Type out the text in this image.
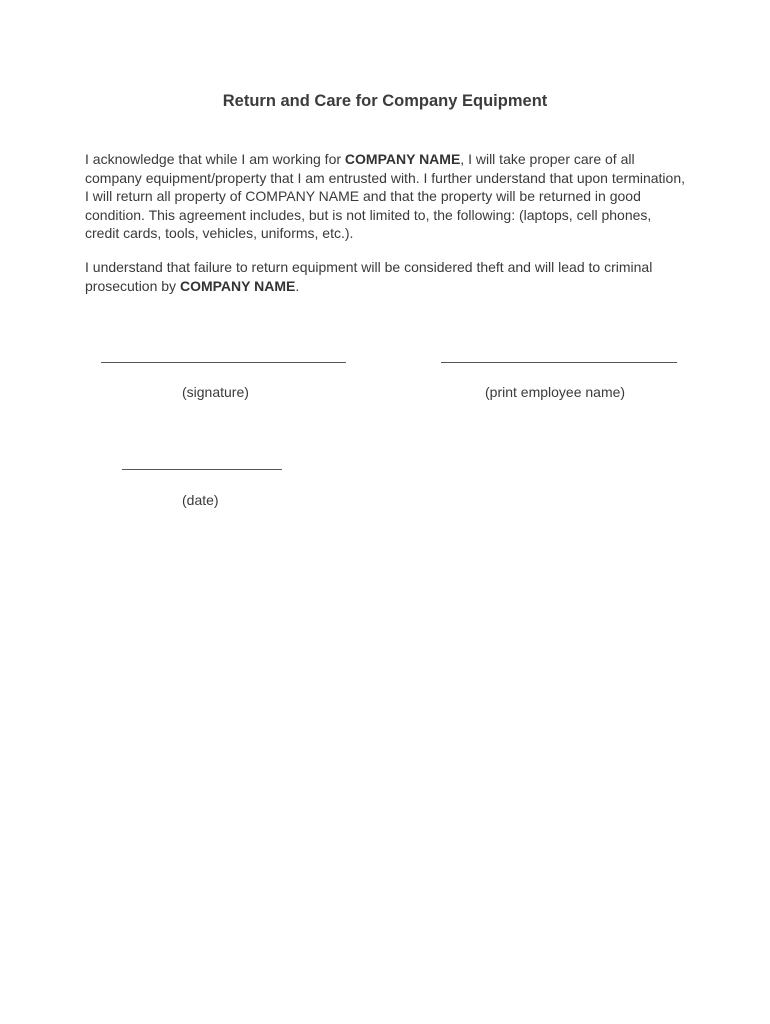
Return and Care for Company Equipment

I acknowledge that while I am working for COMPANY NAME, I will take proper care of all company equipment/property that I am entrusted with. I further understand that upon termination, I will return all property of COMPANY NAME and that the property will be returned in good condition. This agreement includes, but is not limited to, the following: (laptops, cell phones, credit cards, tools, vehicles, uniforms, etc.).

I understand that failure to return equipment will be considered theft and will lead to criminal prosecution by COMPANY NAME.

(signature)	(print employee name)
(date)
